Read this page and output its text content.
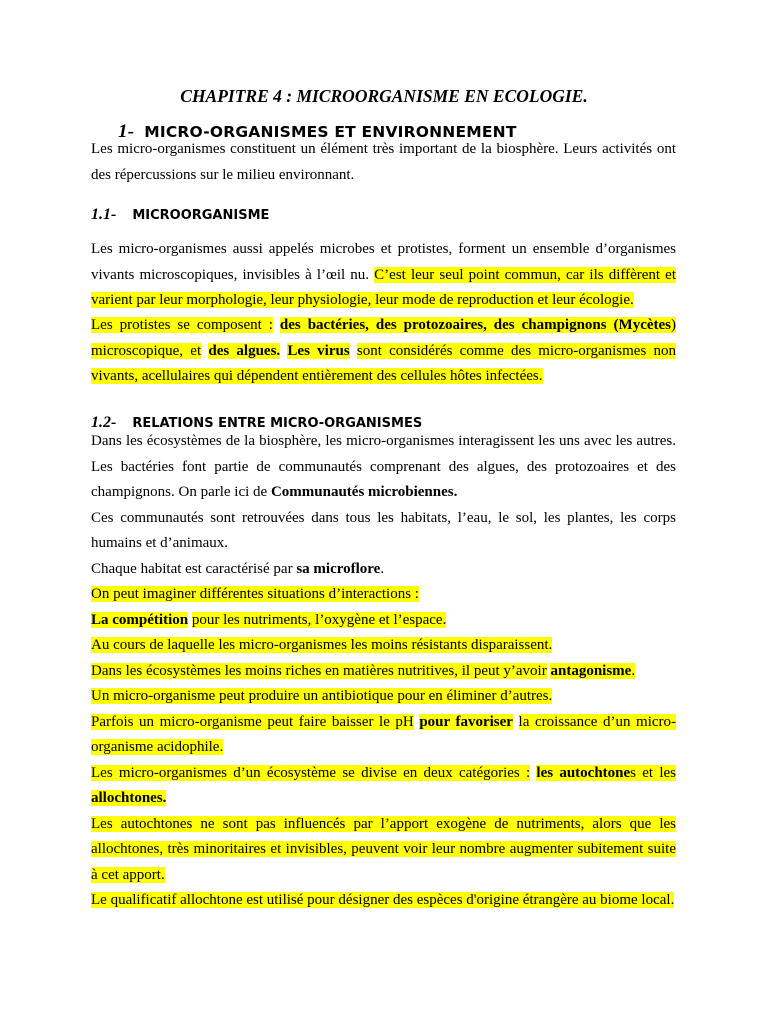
CHAPITRE 4 : MICROORGANISME EN ECOLOGIE.
1- MICRO-ORGANISMES ET ENVIRONNEMENT
Les micro-organismes constituent un élément très important de la biosphère. Leurs activités ont
des répercussions sur le milieu environnant.
1.1- MICROORGANISME
Les micro-organismes aussi appelés microbes et protistes, forment un ensemble d’organismes vivants microscopiques, invisibles à l’œil nu. C’est leur seul point commun, car ils diffèrent et varient par leur morphologie, leur physiologie, leur mode de reproduction et leur écologie.
Les protistes se composent : des bactéries, des protozoaires, des champignons (Mycètes) microscopique, et des algues. Les virus sont considérés comme des micro-organismes non vivants, acellulaires qui dépendent entièrement des cellules hôtes infectées.
1.2- RELATIONS ENTRE MICRO-ORGANISMES
Dans les écosystèmes de la biosphère, les micro-organismes interagissent les uns avec les autres. Les bactéries font partie de communautés comprenant des algues, des protozoaires et des champignons. On parle ici de Communautés microbiennes.
Ces communautés sont retrouvées dans tous les habitats, l’eau, le sol, les plantes, les corps humains et d’animaux.
Chaque habitat est caractérisé par sa microflore.
On peut imaginer différentes situations d’interactions :
La compétition pour les nutriments, l’oxygène et l’espace.
Au cours de laquelle les micro-organismes les moins résistants disparaissent.
Dans les écosystèmes les moins riches en matières nutritives, il peut y’avoir antagonisme.
Un micro-organisme peut produire un antibiotique pour en éliminer d’autres.
Parfois un micro-organisme peut faire baisser le pH pour favoriser la croissance d’un micro-organisme acidophile.
Les micro-organismes d’un écosystème se divise en deux catégories : les autochtones et les allochtones.
Les autochtones ne sont pas influencés par l’apport exogène de nutriments, alors que les allochtones, très minoritaires et invisibles, peuvent voir leur nombre augmenter subitement suite à cet apport.
Le qualificatif allochtone est utilisé pour désigner des espèces d'origine étrangère au biome local.
